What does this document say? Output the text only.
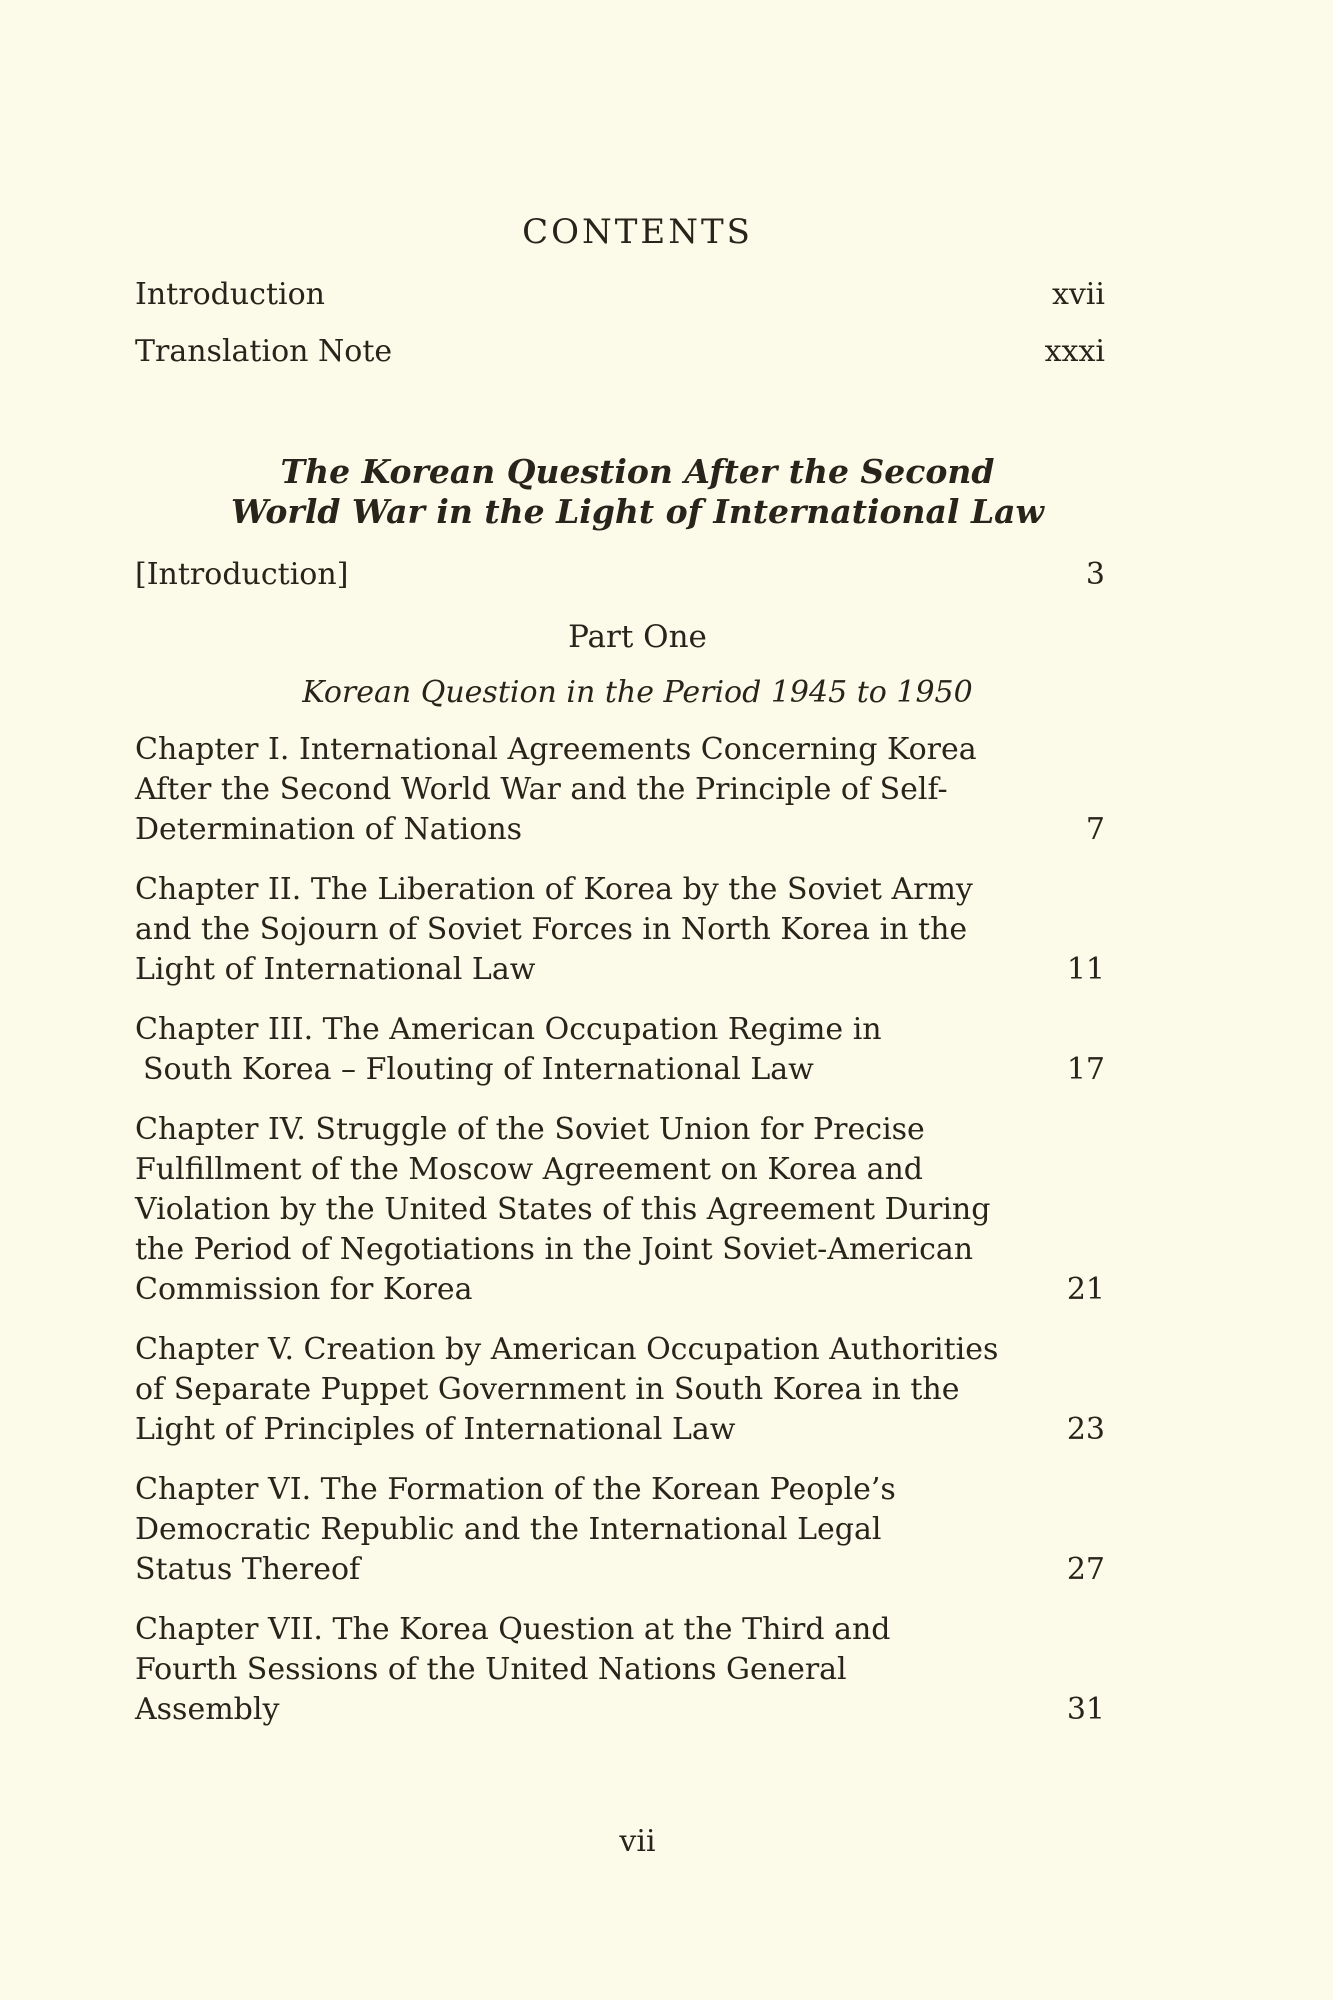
CONTENTS
Introduction	xvii
Translation Note	xxxi
The Korean Question After the Second
World War in the Light of International Law
[Introduction]	3
Part One
Korean Question in the Period 1945 to 1950
Chapter I. International Agreements Concerning Korea
After the Second World War and the Principle of Self-
Determination of Nations	7
Chapter II. The Liberation of Korea by the Soviet Army
and the Sojourn of Soviet Forces in North Korea in the
Light of International Law	11
Chapter III. The American Occupation Regime in
South Korea – Flouting of International Law	17
Chapter IV. Struggle of the Soviet Union for Precise
Fulfillment of the Moscow Agreement on Korea and
Violation by the United States of this Agreement During
the Period of Negotiations in the Joint Soviet-American
Commission for Korea	21
Chapter V. Creation by American Occupation Authorities
of Separate Puppet Government in South Korea in the
Light of Principles of International Law	23
Chapter VI. The Formation of the Korean People’s
Democratic Republic and the International Legal
Status Thereof	27
Chapter VII. The Korea Question at the Third and
Fourth Sessions of the United Nations General
Assembly	31
vii
